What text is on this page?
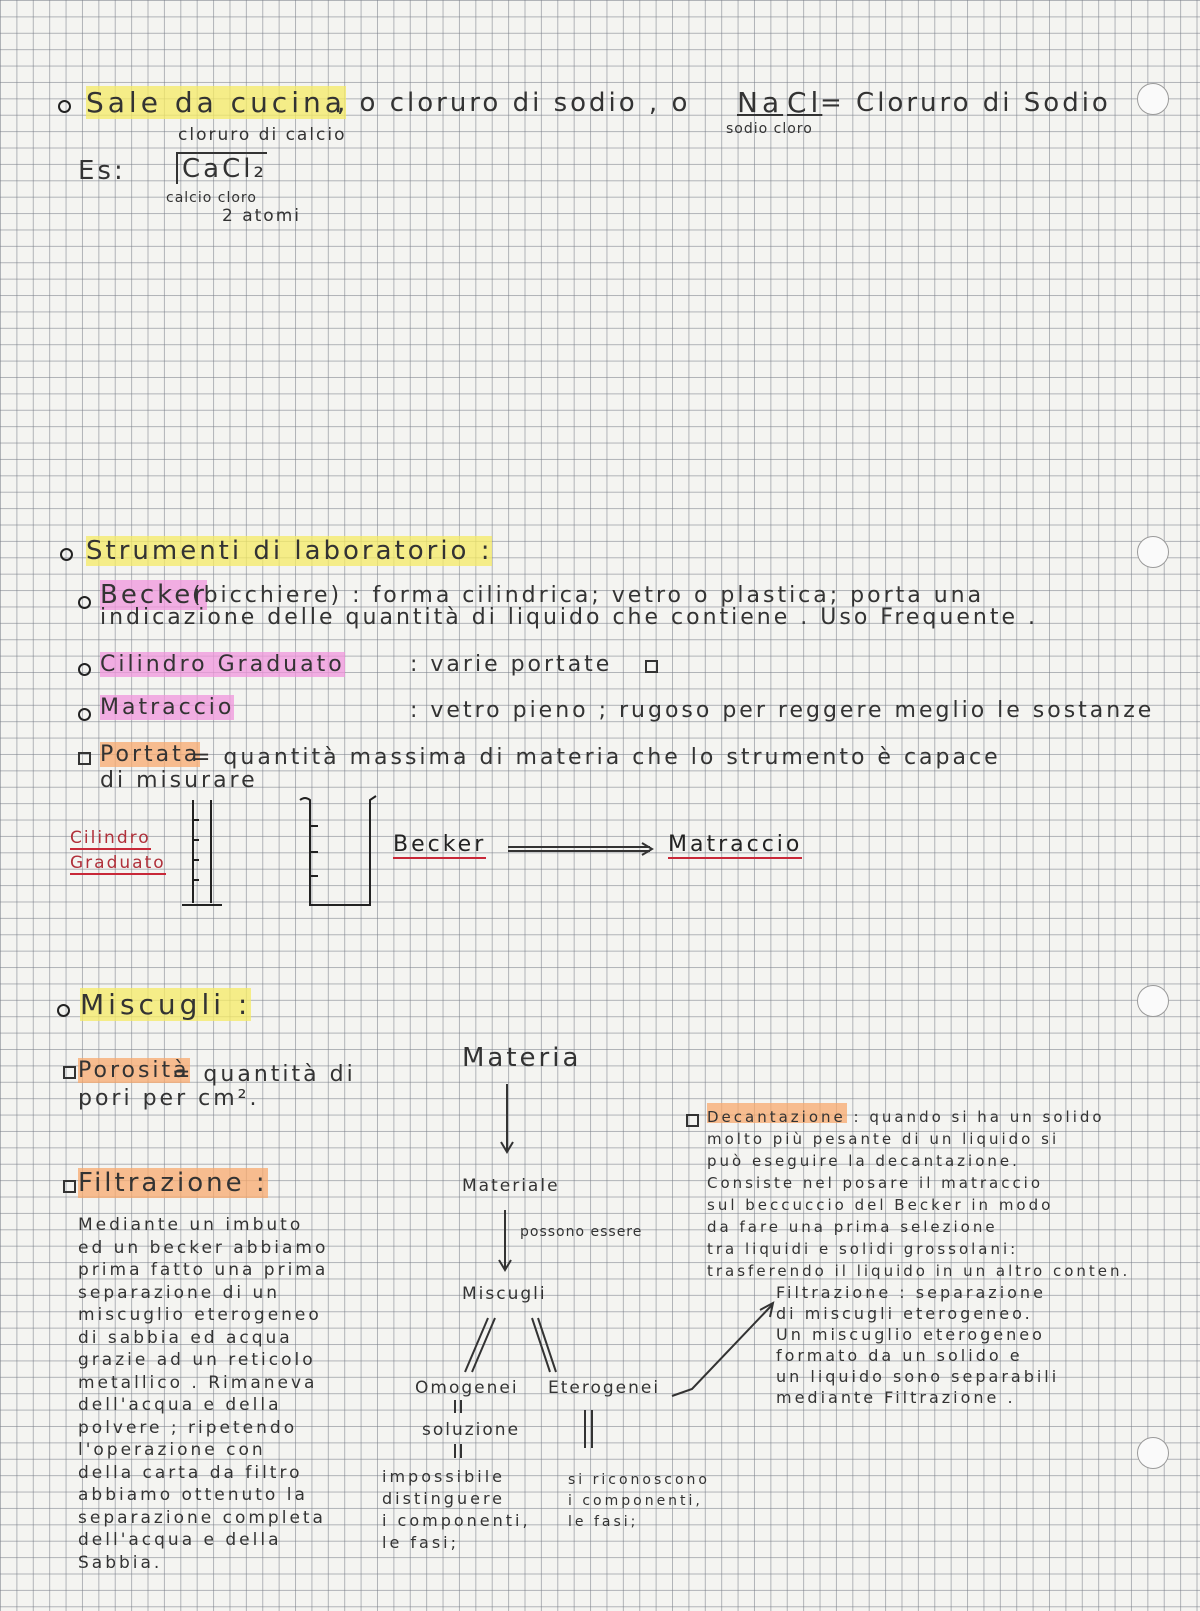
Sale da cucina
, o cloruro di sodio , o Na Cl
= Cloruro di Sodio
sodio cloro
Es:
cloruro di calcio
CaCl₂
calcio cloro
2 atomi
Strumenti di laboratorio :
Becker
(bicchiere) : forma cilindrica; vetro o plastica; porta una
indicazione delle quantità di liquido che contiene . Uso Frequente .
Cilindro Graduato	: varie portate
Matraccio	: vetro pieno ; rugoso per reggere meglio le sostanze
Portata
= quantità massima di materia che lo strumento è capace
di misurare
Cilindro
Graduato
Becker	Matraccio
Miscugli :
Porosità
= quantità di
pori per cm².
Filtrazione :
Mediante un imbuto
ed un becker abbiamo
prima fatto una prima
separazione di un
miscuglio eterogeneo
di sabbia ed acqua
grazie ad un reticolo
metallico . Rimaneva
dell'acqua e della
polvere ; ripetendo
l'operazione con
della carta da filtro
abbiamo ottenuto la
separazione completa
dell'acqua e della
Sabbia.
Materia
Materiale
possono essere
Miscugli
Omogenei Eterogenei
soluzione
impossibile
distinguere
i componenti,
le fasi;
si riconoscono
i componenti,
le fasi;
Decantazione : quando si ha un solido
molto più pesante di un liquido si
può eseguire la decantazione.
Consiste nel posare il matraccio
sul beccuccio del Becker in modo
da fare una prima selezione
tra liquidi e solidi grossolani:
trasferendo il liquido in un altro conten.
Filtrazione : separazione
di miscugli eterogeneo.
Un miscuglio eterogeneo
formato da un solido e
un liquido sono separabili
mediante Filtrazione .
